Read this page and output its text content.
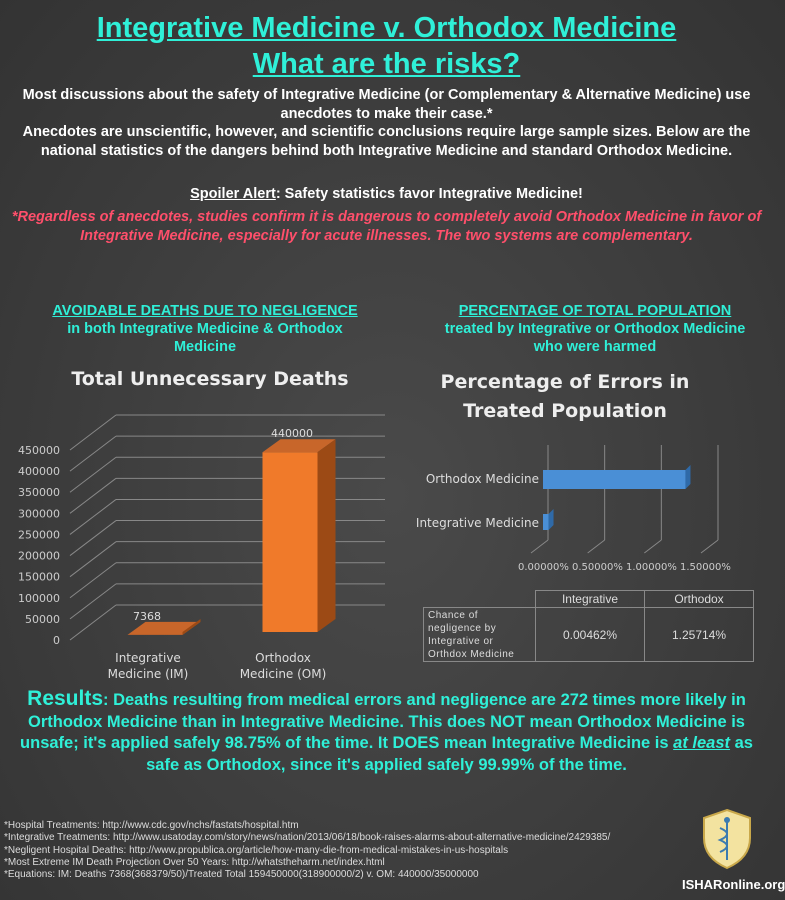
Integrative Medicine v. Orthodox Medicine
What are the risks?
Most discussions about the safety of Integrative Medicine (or Complementary & Alternative Medicine) use anecdotes to make their case.*
Anecdotes are unscientific, however, and scientific conclusions require large sample sizes. Below are the national statistics of the dangers behind both Integrative Medicine and standard Orthodox Medicine.
Spoiler Alert: Safety statistics favor Integrative Medicine!
*Regardless of anecdotes, studies confirm it is dangerous to completely avoid Orthodox Medicine in favor of Integrative Medicine, especially for acute illnesses. The two systems are complementary.
AVOIDABLE DEATHS DUE TO NEGLIGENCE in both Integrative Medicine & Orthodox Medicine
PERCENTAGE OF TOTAL POPULATION
treated by Integrative or Orthodox Medicine who were harmed
Total Unnecessary Deaths	Percentage of Errors in Treated Population
0
50000
100000
150000
200000
250000
300000
350000
400000
450000
7368
Integrative
Medicine (IM)
440000
Orthodox
Medicine (OM)
0.00000% 0.50000% 1.00000% 1.50000%
Integrative Medicine
Orthodox Medicine
	Integrative	Orthodox
Chance of negligence by Integrative or Orthdox Medicine	0.00462%	1.25714%
Results: Deaths resulting from medical errors and negligence are 272 times more likely in Orthodox Medicine than in Integrative Medicine. This does NOT mean Orthodox Medicine is unsafe; it's applied safely 98.75% of the time. It DOES mean Integrative Medicine is at least as safe as Orthodox, since it's applied safely 99.99% of the time.
*Hospital Treatments: http://www.cdc.gov/nchs/fastats/hospital.htm
*Integrative Treatments: http://www.usatoday.com/story/news/nation/2013/06/18/book-raises-alarms-about-alternative-medicine/2429385/
*Negligent Hospital Deaths: http://www.propublica.org/article/how-many-die-from-medical-mistakes-in-us-hospitals
*Most Extreme IM Death Projection Over 50 Years: http://whatstheharm.net/index.html
*Equations: IM: Deaths 7368(368379/50)/Treated Total 159450000(318900000/2) v. OM: 440000/35000000
ISHARonline.org
